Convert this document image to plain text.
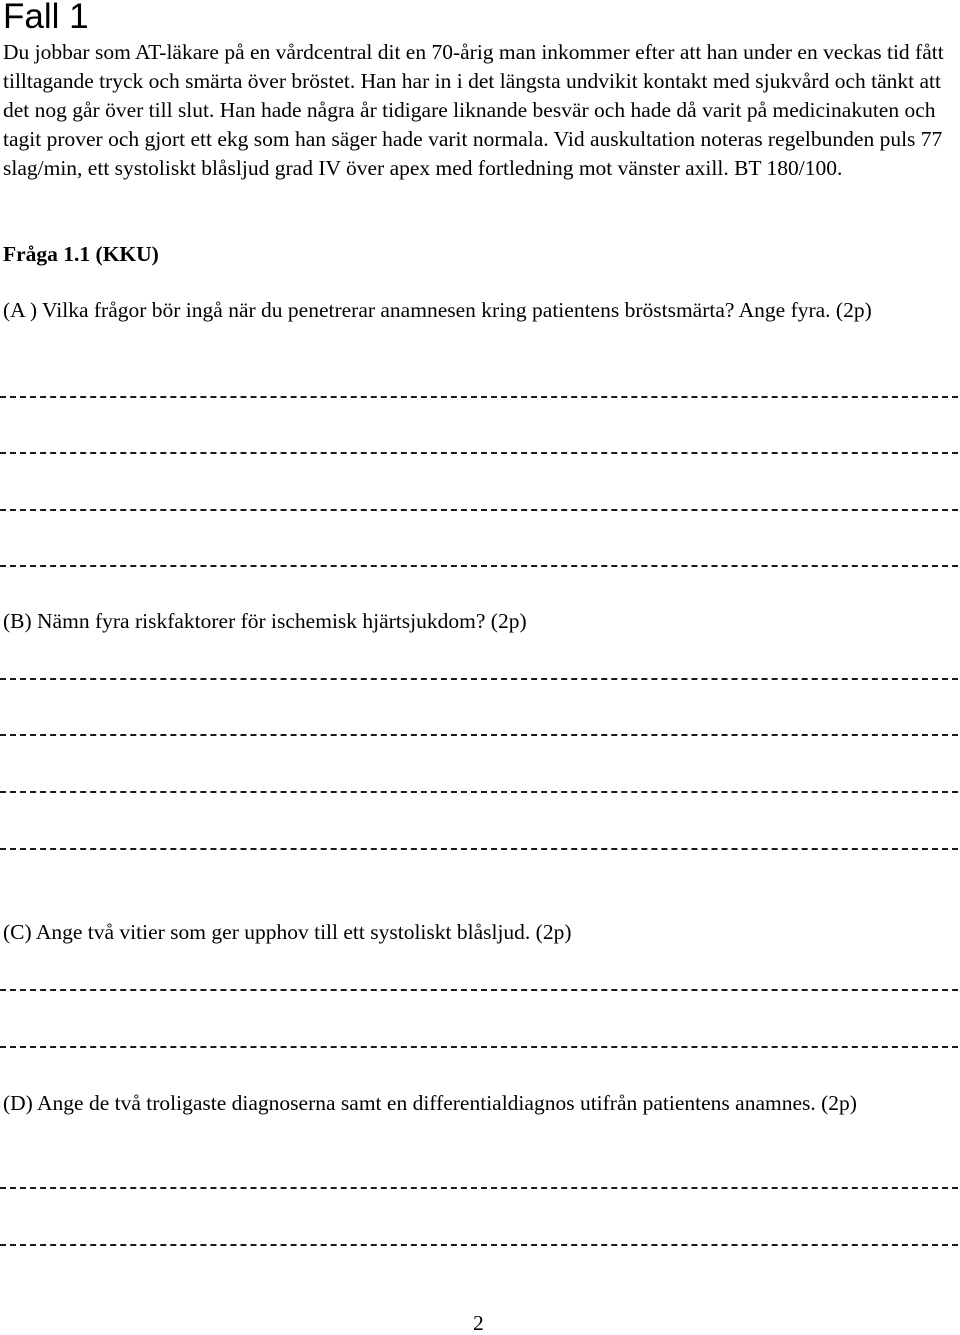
Fall 1

Du jobbar som AT-läkare på en vårdcentral dit en 70-årig man inkommer efter att han under en veckas tid fått tilltagande tryck och smärta över bröstet. Han har in i det längsta undvikit kontakt med sjukvård och tänkt att det nog går över till slut. Han hade några år tidigare liknande besvär och hade då varit på medicinakuten och tagit prover och gjort ett ekg som han säger hade varit normala. Vid auskultation noteras regelbunden puls 77 slag/min, ett systoliskt blåsljud grad IV över apex med fortledning mot vänster axill. BT 180/100.

Fråga 1.1 (KKU)

(A ) Vilka frågor bör ingå när du penetrerar anamnesen kring patientens bröstsmärta? Ange fyra. (2p)

(B) Nämn fyra riskfaktorer för ischemisk hjärtsjukdom? (2p)

(C) Ange två vitier som ger upphov till ett systoliskt blåsljud. (2p)

(D) Ange de två troligaste diagnoserna samt en differentialdiagnos utifrån patientens anamnes. (2p)

2
